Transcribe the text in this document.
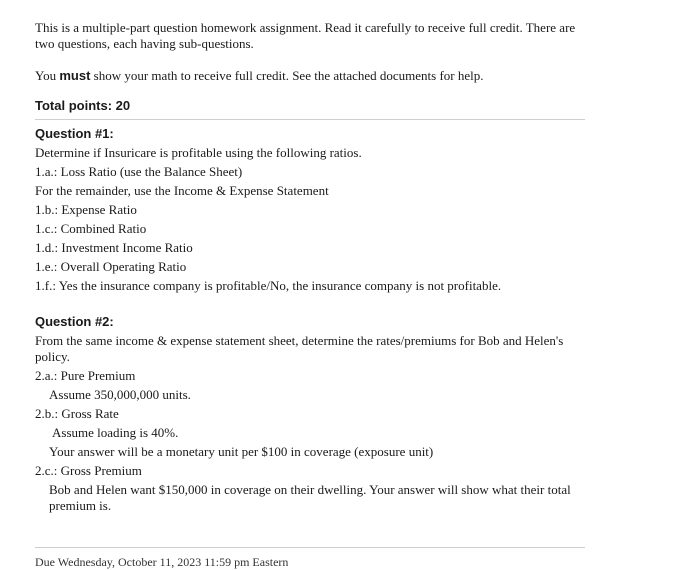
This is a multiple-part question homework assignment. Read it carefully to receive full credit. There are two questions, each having sub-questions.

You must show your math to receive full credit. See the attached documents for help.

Total points: 20
Question #1:
Determine if Insuricare is profitable using the following ratios.
1.a.: Loss Ratio (use the Balance Sheet)
For the remainder, use the Income & Expense Statement
1.b.: Expense Ratio
1.c.: Combined Ratio
1.d.: Investment Income Ratio
1.e.: Overall Operating Ratio
1.f.: Yes the insurance company is profitable/No, the insurance company is not profitable.
Question #2:
From the same income & expense statement sheet, determine the rates/premiums for Bob and Helen's policy.
2.a.: Pure Premium
Assume 350,000,000 units.
2.b.: Gross Rate
Assume loading is 40%.
Your answer will be a monetary unit per $100 in coverage (exposure unit)
2.c.: Gross Premium
Bob and Helen want $150,000 in coverage on their dwelling. Your answer will show what their total premium is.
Due Wednesday, October 11, 2023 11:59 pm Eastern
